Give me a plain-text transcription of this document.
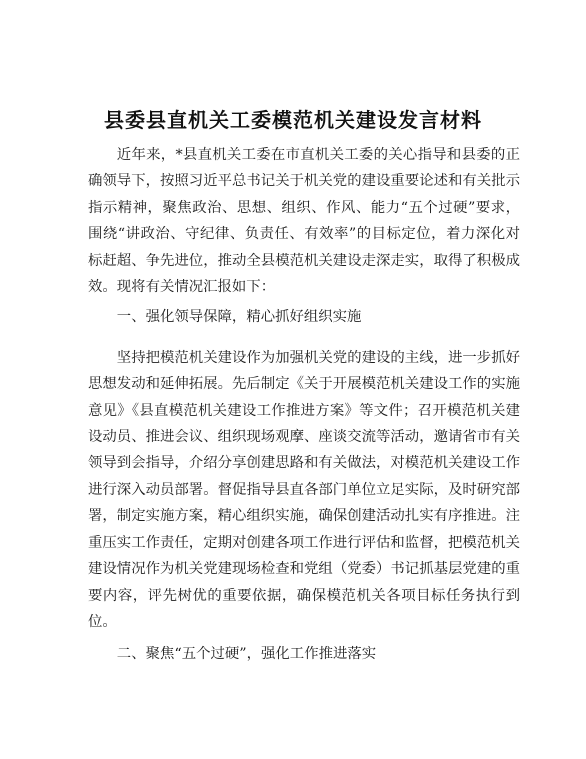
县委县直机关工委模范机关建设发言材料

近年来，*县直机关工委在市直机关工委的关心指导和县委的正确领导下，按照习近平总书记关于机关党的建设重要论述和有关批示指示精神，聚焦政治、思想、组织、作风、能力“五个过硬”要求，围绕“讲政治、守纪律、负责任、有效率”的目标定位，着力深化对标赶超、争先进位，推动全县模范机关建设走深走实，取得了积极成效。现将有关情况汇报如下：

一、强化领导保障，精心抓好组织实施

坚持把模范机关建设作为加强机关党的建设的主线，进一步抓好思想发动和延伸拓展。先后制定《关于开展模范机关建设工作的实施意见》《县直模范机关建设工作推进方案》等文件；召开模范机关建设动员、推进会议、组织现场观摩、座谈交流等活动，邀请省市有关领导到会指导，介绍分享创建思路和有关做法，对模范机关建设工作进行深入动员部署。督促指导县直各部门单位立足实际，及时研究部署，制定实施方案，精心组织实施，确保创建活动扎实有序推进。注重压实工作责任，定期对创建各项工作进行评估和监督，把模范机关建设情况作为机关党建现场检查和党组（党委）书记抓基层党建的重要内容，评先树优的重要依据，确保模范机关各项目标任务执行到位。

二、聚焦“五个过硬”，强化工作推进落实
